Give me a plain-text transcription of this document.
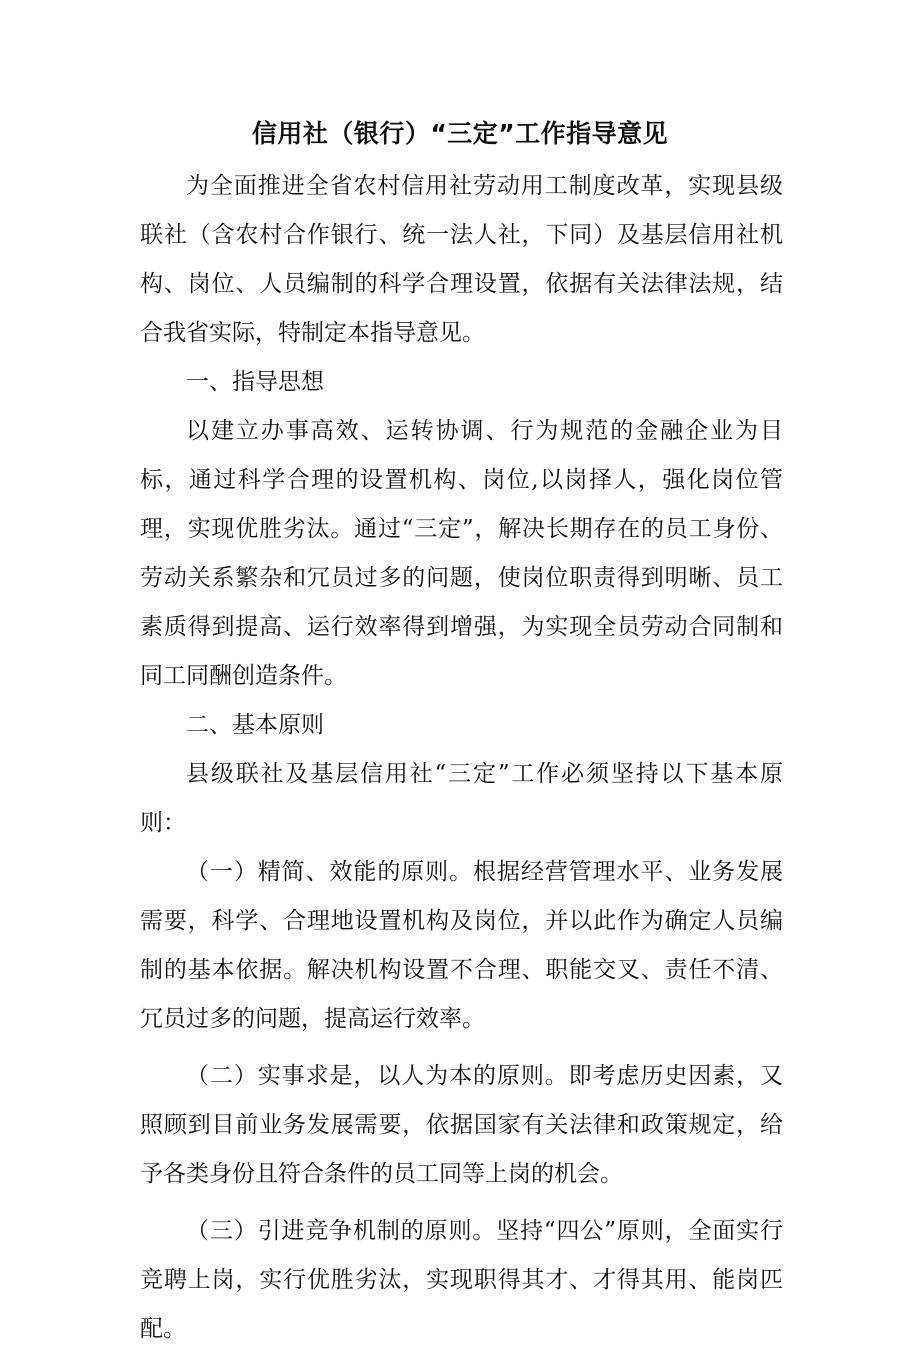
信用社（银行）“三定”工作指导意见

为全面推进全省农村信用社劳动用工制度改革，实现县级联社（含农村合作银行、统一法人社，下同）及基层信用社机构、岗位、人员编制的科学合理设置，依据有关法律法规，结合我省实际，特制定本指导意见。

一、指导思想

以建立办事高效、运转协调、行为规范的金融企业为目标，通过科学合理的设置机构、岗位,以岗择人，强化岗位管理，实现优胜劣汰。通过“三定”，解决长期存在的员工身份、劳动关系繁杂和冗员过多的问题，使岗位职责得到明晰、员工素质得到提高、运行效率得到增强，为实现全员劳动合同制和同工同酬创造条件。

二、基本原则

县级联社及基层信用社“三定”工作必须坚持以下基本原则：

（一）精简、效能的原则。根据经营管理水平、业务发展需要，科学、合理地设置机构及岗位，并以此作为确定人员编制的基本依据。解决机构设置不合理、职能交叉、责任不清、冗员过多的问题，提高运行效率。

（二）实事求是，以人为本的原则。即考虑历史因素，又照顾到目前业务发展需要，依据国家有关法律和政策规定，给予各类身份且符合条件的员工同等上岗的机会。

（三）引进竞争机制的原则。坚持“四公”原则，全面实行竞聘上岗，实行优胜劣汰，实现职得其才、才得其用、能岗匹配。
